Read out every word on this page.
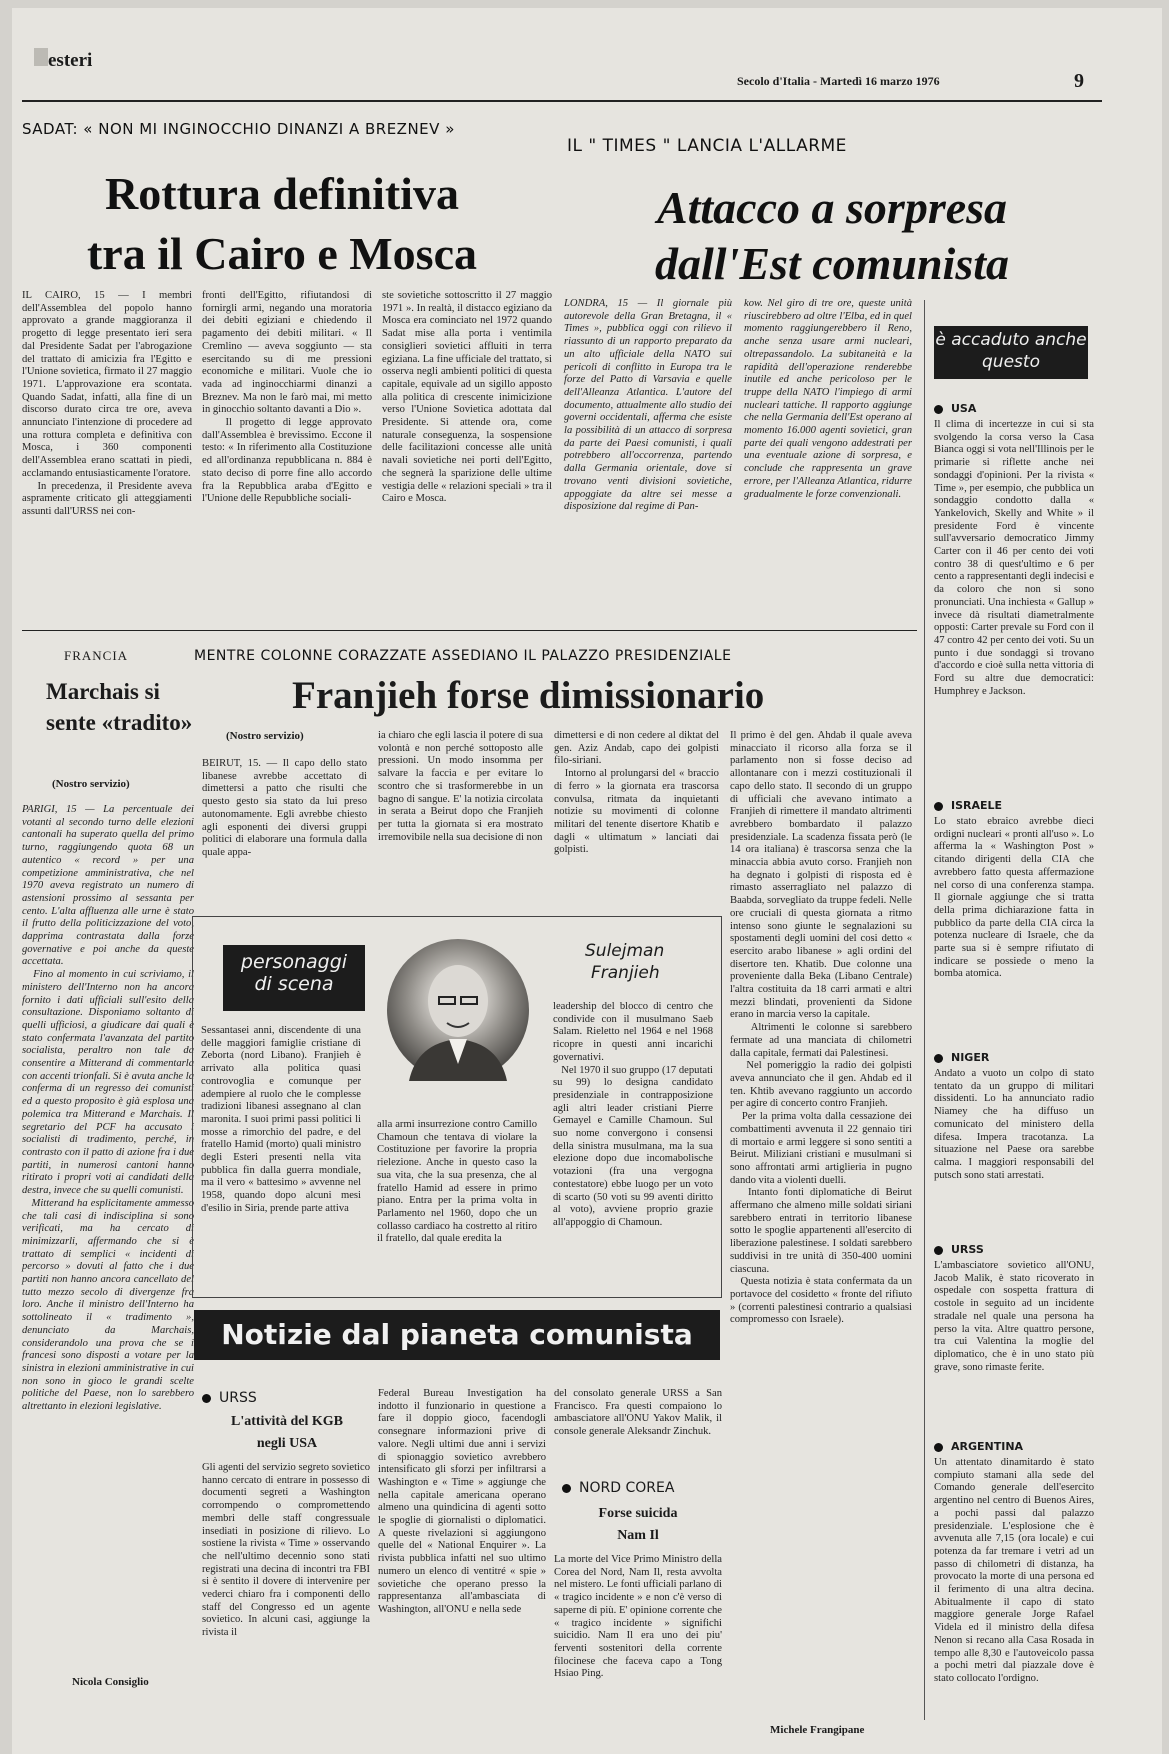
esteri
Secolo d'Italia - Martedì 16 marzo 1976	9
SADAT: « NON MI INGINOCCHIO DINANZI A BREZNEV »
Rottura definitiva
tra il Cairo e Mosca
IL CAIRO, 15 — I membri dell'Assemblea del popolo hanno approvato a grande maggioranza il progetto di legge presentato ieri sera dal Presidente Sadat per l'abrogazione del trattato di amicizia fra l'Egitto e l'Unione sovietica, firmato il 27 maggio 1971. L'approvazione era scontata. Quando Sadat, infatti, alla fine di un discorso durato circa tre ore, aveva annunciato l'intenzione di procedere ad una rottura completa e definitiva con Mosca, i 360 componenti dell'Assemblea erano scattati in piedi, acclamando entusiasticamente l'oratore.
In precedenza, il Presidente aveva aspramente criticato gli atteggiamenti assunti dall'URSS nei con-
fronti dell'Egitto, rifiutandosi di fornirgli armi, negando una moratoria dei debiti egiziani e chiedendo il pagamento dei debiti militari. « Il Cremlino — aveva soggiunto — sta esercitando su di me pressioni economiche e militari. Vuole che io vada ad inginocchiarmi dinanzi a Breznev. Ma non le farò mai, mi metto in ginocchio soltanto davanti a Dio ».
Il progetto di legge approvato dall'Assemblea è brevissimo. Eccone il testo: « In riferimento alla Costituzione ed all'ordinanza repubblicana n. 884 è stato deciso di porre fine allo accordo fra la Repubblica araba d'Egitto e l'Unione delle Repubbliche sociali-
ste sovietiche sottoscritto il 27 maggio 1971 ». In realtà, il distacco egiziano da Mosca era cominciato nel 1972 quando Sadat mise alla porta i ventimila consiglieri sovietici affluiti in terra egiziana. La fine ufficiale del trattato, si osserva negli ambienti politici di questa capitale, equivale ad un sigillo apposto alla politica di crescente inimicizione verso l'Unione Sovietica adottata dal Presidente. Si attende ora, come naturale conseguenza, la sospensione delle facilitazioni concesse alle unità navali sovietiche nei porti dell'Egitto, che segnerà la sparizione delle ultime vestigia delle « relazioni speciali » tra il Cairo e Mosca.
IL " TIMES " LANCIA L'ALLARME
Attacco a sorpresa
dall'Est comunista
LONDRA, 15 — Il giornale più autorevole della Gran Bretagna, il « Times », pubblica oggi con rilievo il riassunto di un rapporto preparato da un alto ufficiale della NATO sui pericoli di conflitto in Europa tra le forze del Patto di Varsavia e quelle dell'Alleanza Atlantica. L'autore del documento, attualmente allo studio dei governi occidentali, afferma che esiste la possibilità di un attacco di sorpresa da parte dei Paesi comunisti, i quali potrebbero all'occorrenza, partendo dalla Germania orientale, dove si trovano venti divisioni sovietiche, appoggiate da altre sei messe a disposizione dal regime di Pan-
kow. Nel giro di tre ore, queste unità riuscirebbero ad oltre l'Elba, ed in quel momento raggiungerebbero il Reno, anche senza usare armi nucleari, oltrepassandolo. La subitaneità e la rapidità dell'operazione renderebbe inutile ed anche pericoloso per le truppe della NATO l'impiego di armi nucleari tattiche. Il rapporto aggiunge che nella Germania dell'Est operano al momento 16.000 agenti sovietici, gran parte dei quali vengono addestrati per una eventuale azione di sorpresa, e conclude che rappresenta un grave errore, per l'Alleanza Atlantica, ridurre gradualmente le forze convenzionali.
è accaduto anche questo
USA
Il clima di incertezze in cui si sta svolgendo la corsa verso la Casa Bianca oggi si vota nell'Illinois per le primarie si riflette anche nei sondaggi d'opinioni. Per la rivista « Time », per esempio, che pubblica un sondaggio condotto dalla « Yankelovich, Skelly and White » il presidente Ford è vincente sull'avversario democratico Jimmy Carter con il 46 per cento dei voti contro 38 di quest'ultimo e 6 per cento a rappresentanti degli indecisi e da coloro che non si sono pronunciati. Una inchiesta « Gallup » invece dà risultati diametralmente opposti: Carter prevale su Ford con il 47 contro 42 per cento dei voti. Su un punto i due sondaggi si trovano d'accordo e cioè sulla netta vittoria di Ford su altre due democratici: Humphrey e Jackson.
ISRAELE
Lo stato ebraico avrebbe dieci ordigni nucleari « pronti all'uso ». Lo afferma la « Washington Post » citando dirigenti della CIA che avrebbero fatto questa affermazione nel corso di una conferenza stampa. Il giornale aggiunge che si tratta della prima dichiarazione fatta in pubblico da parte della CIA circa la potenza nucleare di Israele, che da parte sua si è sempre rifiutato di indicare se possiede o meno la bomba atomica.
NIGER
Andato a vuoto un colpo di stato tentato da un gruppo di militari dissidenti. Lo ha annunciato radio Niamey che ha diffuso un comunicato del ministero della difesa. Impera tracotanza. La situazione nel Paese ora sarebbe calma. I maggiori responsabili del putsch sono stati arrestati.
URSS
L'ambasciatore sovietico all'ONU, Jacob Malik, è stato ricoverato in ospedale con sospetta frattura di costole in seguito ad un incidente stradale nel quale una persona ha perso la vita. Altre quattro persone, tra cui Valentina la moglie del diplomatico, che è in uno stato più grave, sono rimaste ferite.
ARGENTINA
Un attentato dinamitardo è stato compiuto stamani alla sede del Comando generale dell'esercito argentino nel centro di Buenos Aires, a pochi passi dal palazzo presidenziale. L'esplosione che è avvenuta alle 7,15 (ora locale) e cui potenza da far tremare i vetri ad un passo di chilometri di distanza, ha provocato la morte di una persona ed il ferimento di una altra decina. Abitualmente il capo di stato maggiore generale Jorge Rafael Videla ed il ministro della difesa Nenon si recano alla Casa Rosada in tempo alle 8,30 e l'autoveicolo passa a pochi metri dal piazzale dove è stato collocato l'ordigno.
FRANCIA
Marchais si sente «tradito»
(Nostro servizio)
PARIGI, 15 — La percentuale dei votanti al secondo turno delle elezioni cantonali ha superato quella del primo turno, raggiungendo quota 68 un autentico « record » per una competizione amministrativa, che nel 1970 aveva registrato un numero di astensioni prossimo al sessanta per cento. L'alta affluenza alle urne è stato il frutto della politicizzazione del voto, dapprima contrastata dalla forze governative e poi anche da queste accettata.
Fino al momento in cui scriviamo, il ministero dell'Interno non ha ancora fornito i dati ufficiali sull'esito della consultazione. Disponiamo soltanto di quelli ufficiosi, a giudicare dai quali è stato confermata l'avanzata del partito socialista, peraltro non tale da consentire a Mitterand di commentarla con accenti trionfali. Si è avuta anche la conferma di un regresso dei comunisti ed a questo proposito è già esplosa una polemica tra Mitterand e Marchais. Il segretario del PCF ha accusato i socialisti di tradimento, perché, in contrasto con il patto di azione fra i due partiti, in numerosi cantoni hanno ritirato i propri voti ai candidati della destra, invece che su quelli comunisti.
Mitterand ha esplicitamente ammesso che tali casi di indisciplina si sono verificati, ma ha cercato di minimizzarli, affermando che si è trattato di semplici « incidenti di percorso » dovuti al fatto che i due partiti non hanno ancora cancellato del tutto mezzo secolo di divergenze fra loro. Anche il ministro dell'Interno ha sottolineato il « tradimento », denunciato da Marchais, considerandolo una prova che se i francesi sono disposti a votare per la sinistra in elezioni amministrative in cui non sono in gioco le grandi scelte politiche del Paese, non lo sarebbero altrettanto in elezioni legislative.
Nicola Consiglio
MENTRE COLONNE CORAZZATE ASSEDIANO IL PALAZZO PRESIDENZIALE
Franjieh forse dimissionario
(Nostro servizio)
BEIRUT, 15. — Il capo dello stato libanese avrebbe accettato di dimettersi a patto che risulti che questo gesto sia stato da lui preso autonomamente. Egli avrebbe chiesto agli esponenti dei diversi gruppi politici di elaborare una formula dalla quale appa-
ia chiaro che egli lascia il potere di sua volontà e non perché sottoposto alle pressioni. Un modo insomma per salvare la faccia e per evitare lo scontro che si trasformerebbe in un bagno di sangue. E' la notizia circolata in serata a Beirut dopo che Franjieh per tutta la giornata si era mostrato irremovibile nella sua decisione di non
dimettersi e di non cedere al diktat del gen. Aziz Andab, capo dei golpisti filo-siriani.
Intorno al prolungarsi del « braccio di ferro » la giornata era trascorsa convulsa, ritmata da inquietanti notizie su movimenti di colonne militari del tenente disertore Khatib e dagli « ultimatum » lanciati dai golpisti.
Il primo è del gen. Ahdab il quale aveva minacciato il ricorso alla forza se il parlamento non si fosse deciso ad allontanare con i mezzi costituzionali il capo dello stato. Il secondo di un gruppo di ufficiali che avevano intimato a Franjieh di rimettere il mandato altrimenti avrebbero bombardato il palazzo presidenziale. La scadenza fissata però (le 14 ora italiana) è trascorsa senza che la minaccia abbia avuto corso. Franjieh non ha degnato i golpisti di risposta ed è rimasto asserragliato nel palazzo di Baabda, sorvegliato da truppe fedeli. Nelle ore cruciali di questa giornata a ritmo intenso sono giunte le segnalazioni su spostamenti degli uomini del cosi detto « esercito arabo libanese » agli ordini del disertore ten. Khatib. Due colonne una proveniente dalla Beka (Libano Centrale) l'altra costituita da 18 carri armati e altri mezzi blindati, provenienti da Sidone erano in marcia verso la capitale.
Altrimenti le colonne si sarebbero fermate ad una manciata di chilometri dalla capitale, fermati dai Palestinesi.
Nel pomeriggio la radio dei golpisti aveva annunciato che il gen. Ahdab ed il ten. Khtib avevano raggiunto un accordo per agire di concerto contro Franjieh.
Per la prima volta dalla cessazione dei combattimenti avvenuta il 22 gennaio tiri di mortaio e armi leggere si sono sentiti a Beirut. Miliziani cristiani e musulmani si sono affrontati armi artiglieria in pugno dando vita a violenti duelli.
Intanto fonti diplomatiche di Beirut affermano che almeno mille soldati siriani sarebbero entrati in territorio libanese sotto le spoglie appartenenti all'esercito di liberazione palestinese. I soldati sarebbero suddivisi in tre unità di 350-400 uomini ciascuna.
Questa notizia è stata confermata da un portavoce del cosidetto « fronte del rifiuto » (correnti palestinesi contrario a qualsiasi compromesso con Israele).
Michele Frangipane
personaggi
di scena
Sulejman
Franjieh
Sessantasei anni, discendente di una delle maggiori famiglie cristiane di Zeborta (nord Libano). Franjieh è arrivato alla politica quasi controvoglia e comunque per adempiere al ruolo che le complesse tradizioni libanesi assegnano al clan maronita. I suoi primi passi politici li mosse a rimorchio del padre, e del fratello Hamid (morto) quali ministro degli Esteri presenti nella vita pubblica fin dalla guerra mondiale, ma il vero « battesimo » avvenne nel 1958, quando dopo alcuni mesi d'esilio in Siria, prende parte attiva
alla armi insurrezione contro Camillo Chamoun che tentava di violare la Costituzione per favorire la propria rielezione. Anche in questo caso la sua vita, che la sua presenza, che al fratello Hamid ad essere in primo piano. Entra per la prima volta in Parlamento nel 1960, dopo che un collasso cardiaco ha costretto al ritiro il fratello, dal quale eredita la
leadership del blocco di centro che condivide con il musulmano Saeb Salam. Rieletto nel 1964 e nel 1968 ricopre in questi anni incarichi governativi.
Nel 1970 il suo gruppo (17 deputati su 99) lo designa candidato presidenziale in contrapposizione agli altri leader cristiani Pierre Gemayel e Camille Chamoun. Sul suo nome convergono i consensi della sinistra musulmana, ma la sua elezione dopo due incomabolische votazioni (fra una vergogna contestatore) ebbe luogo per un voto di scarto (50 voti su 99 aventi diritto al voto), avviene proprio grazie all'appoggio di Chamoun.
Notizie dal pianeta comunista
URSS
L'attività del KGB
negli USA
Gli agenti del servizio segreto sovietico hanno cercato di entrare in possesso di documenti segreti a Washington corrompendo o compromettendo membri delle staff congressuale insediati in posizione di rilievo. Lo sostiene la rivista « Time » osservando che nell'ultimo decennio sono stati registrati una decina di incontri tra FBI si è sentito il dovere di intervenire per vederci chiaro fra i componenti dello staff del Congresso ed un agente sovietico. In alcuni casi, aggiunge la rivista il
Federal Bureau Investigation ha indotto il funzionario in questione a fare il doppio gioco, facendogli consegnare informazioni prive di valore. Negli ultimi due anni i servizi di spionaggio sovietico avrebbero intensificato gli sforzi per infiltrarsi a Washington e « Time » aggiunge che nella capitale americana operano almeno una quindicina di agenti sotto le spoglie di giornalisti o diplomatici. A queste rivelazioni si aggiungono quelle del « National Enquirer ». La rivista pubblica infatti nel suo ultimo numero un elenco di ventitré « spie » sovietiche che operano presso la rappresentanza all'ambasciata di Washington, all'ONU e nella sede
del consolato generale URSS a San Francisco. Fra questi compaiono lo ambasciatore all'ONU Yakov Malik, il console generale Aleksandr Zinchuk.
NORD COREA
Forse suicida
Nam Il
La morte del Vice Primo Ministro della Corea del Nord, Nam Il, resta avvolta nel mistero. Le fonti ufficiali parlano di « tragico incidente » e non c'è verso di saperne di più. E' opinione corrente che « tragico incidente » significhi suicidio. Nam Il era uno dei piu' ferventi sostenitori della corrente filocinese che faceva capo a Tong Hsiao Ping.
